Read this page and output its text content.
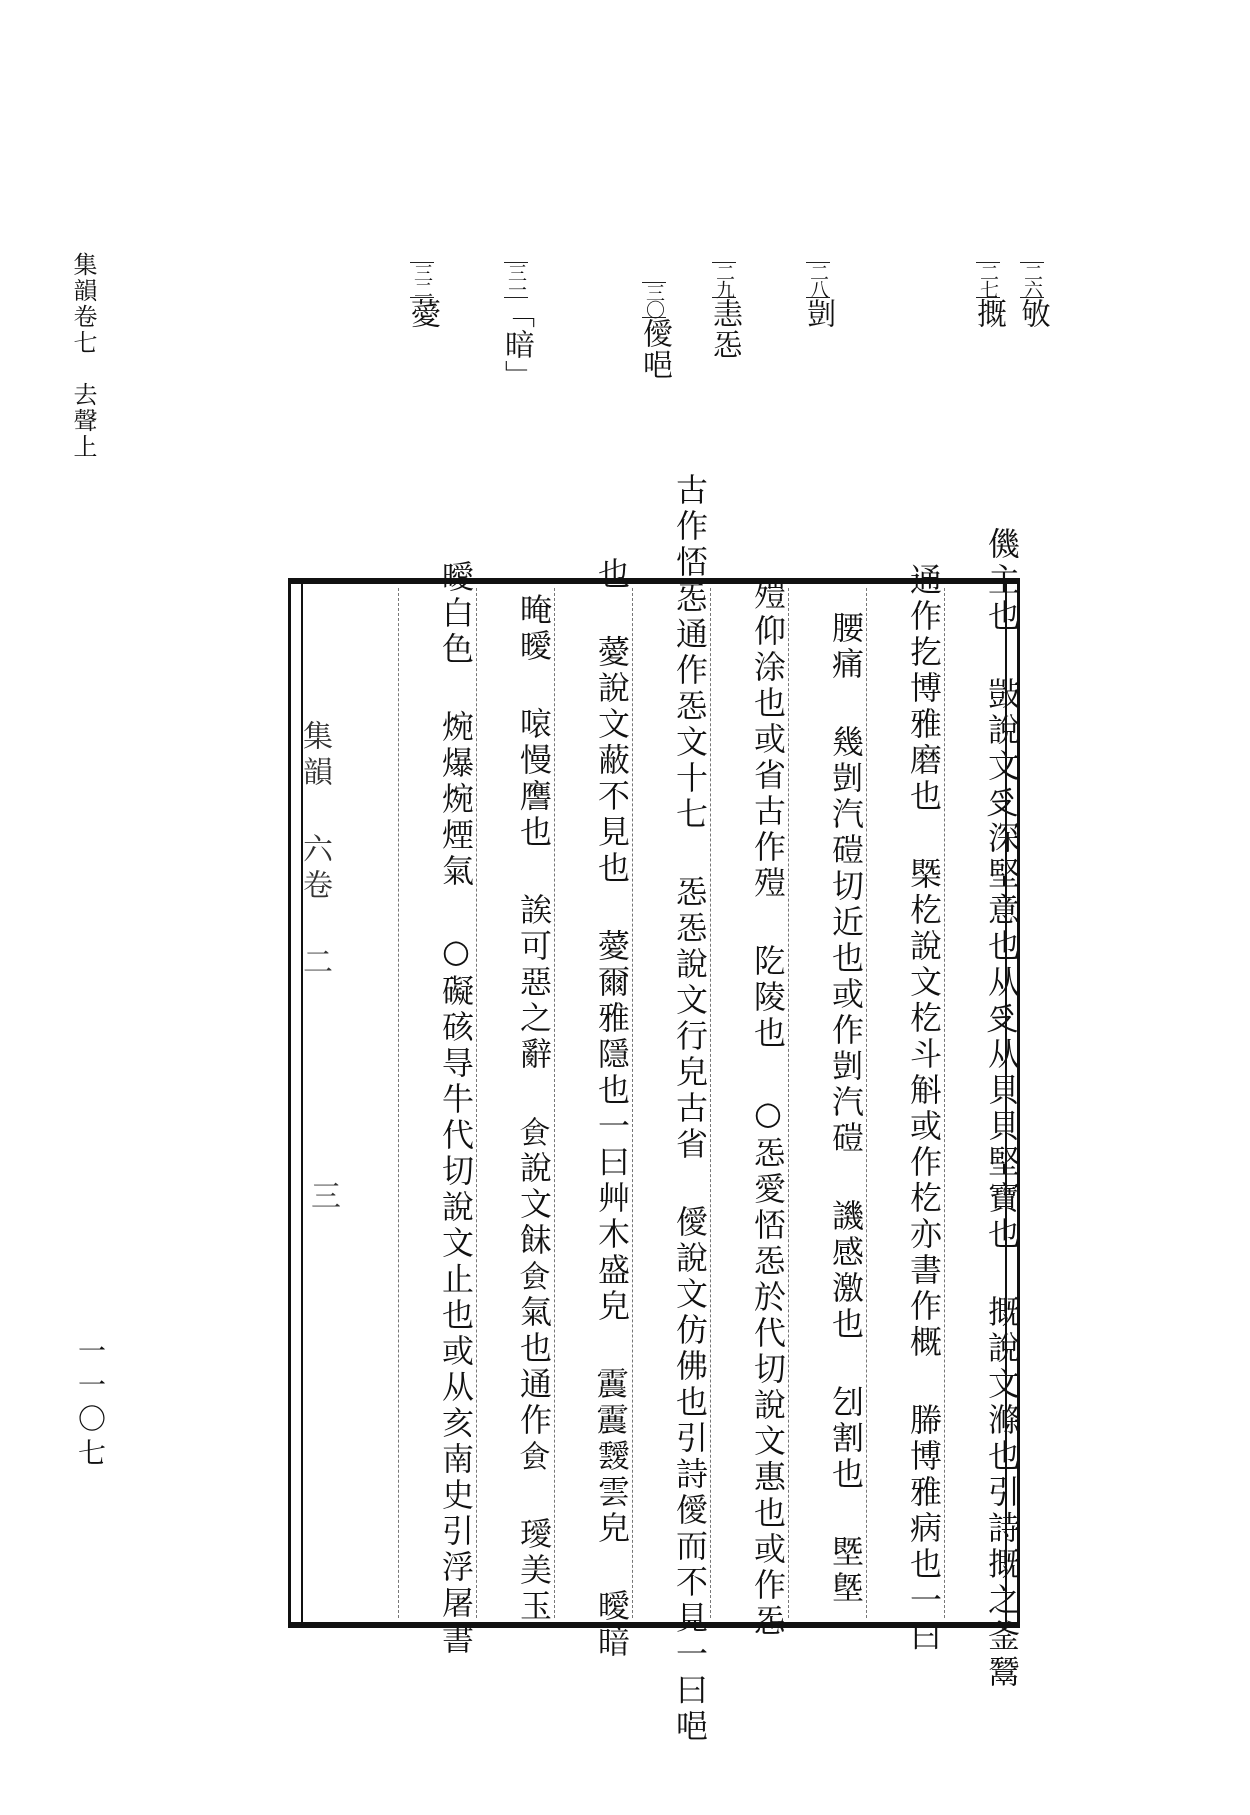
集韻卷七去聲上
二六敂
二七摡
二八剴
二九恚㤅
三〇僾唈
三一「暗」
三二薆
僟主也 敱說文𠬪深堅意也从𠬪从貝貝堅寶也 摡說文滌也引詩摡之釜鬵
通作扢博雅磨也 槩杚說文杚斗斛或作杚亦書作概 㬺博雅病也一曰
腰痛 幾剴汽磑切近也或作剴汽磑 譏感激也 刉割也 塈墍
㱯仰涂也或省古作㱯 阣陵也 ○㤅愛㤳㤅於代切說文惠也或作㤅
古作㤳㤅通作㤅文十七 㤅㤅說文行皃古省 僾說文仿佛也引詩僾而不見一曰唈
也 薆說文蔽不見也 薆爾雅隱也一曰艸木盛皃 𩅽𩅽靉雲皃 曖暗
晻曖 㗒慢譍也 誒可惡之辭 𩚀說文䬴𩚀氣也通作𩚀 璦美玉
曖白色 焥爆焥煙氣 ○礙硋㝵牛代切說文止也或从亥南史引浮屠書
集韻 六卷 二
三
一一〇七
